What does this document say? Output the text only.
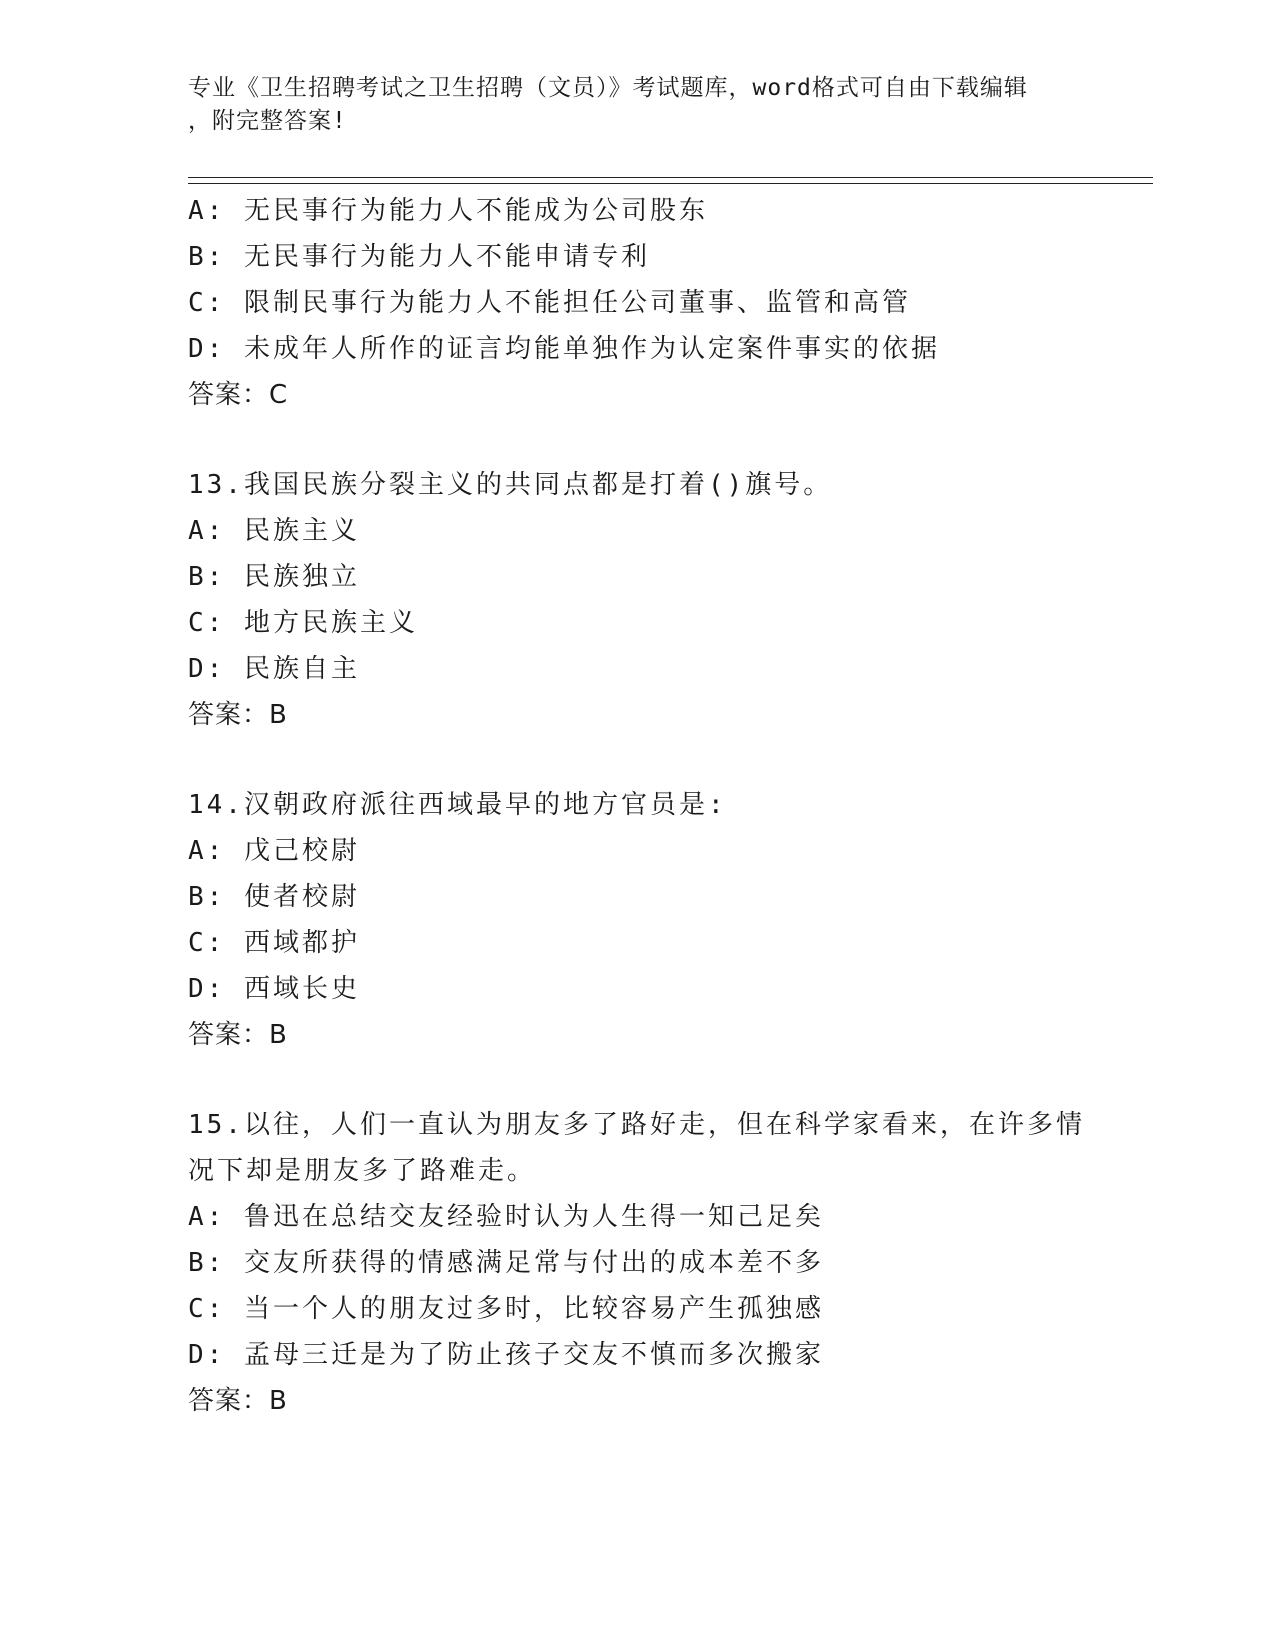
专业《卫生招聘考试之卫生招聘（文员）》考试题库，word格式可自由下载编辑
，附完整答案!
A: 无民事行为能力人不能成为公司股东
B: 无民事行为能力人不能申请专利
C: 限制民事行为能力人不能担任公司董事、监管和高管
D: 未成年人所作的证言均能单独作为认定案件事实的依据
答案：C
13.我国民族分裂主义的共同点都是打着()旗号。
A: 民族主义
B: 民族独立
C: 地方民族主义
D: 民族自主
答案：B
14.汉朝政府派往西域最早的地方官员是:
A: 戊己校尉
B: 使者校尉
C: 西域都护
D: 西域长史
答案：B
15.以往，人们一直认为朋友多了路好走，但在科学家看来，在许多情
况下却是朋友多了路难走。
A: 鲁迅在总结交友经验时认为人生得一知己足矣
B: 交友所获得的情感满足常与付出的成本差不多
C: 当一个人的朋友过多时，比较容易产生孤独感
D: 孟母三迁是为了防止孩子交友不慎而多次搬家
答案：B
